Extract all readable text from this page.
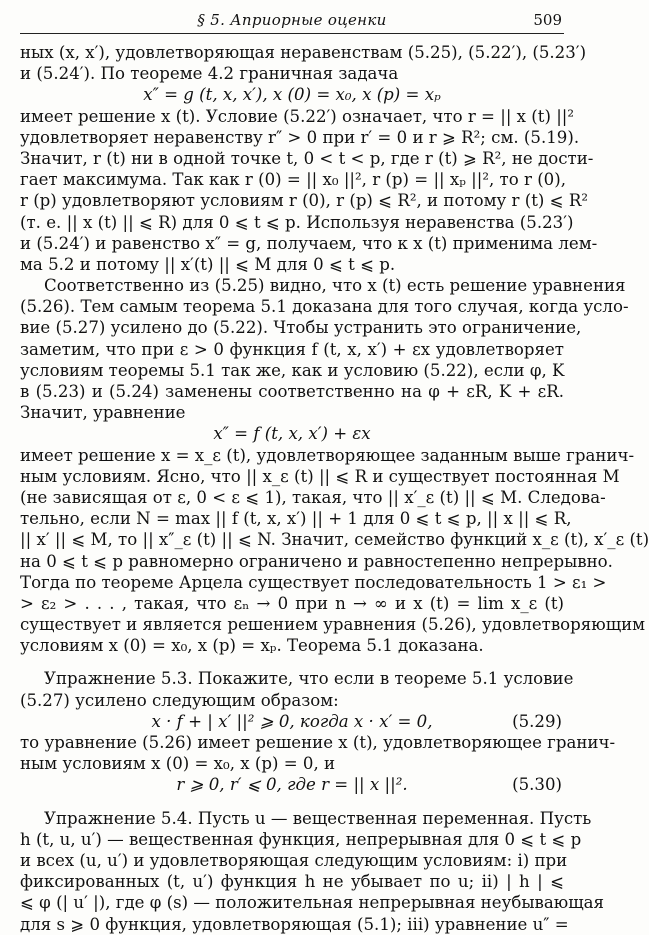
§ 5. Априорные оценки	509

ных (x, x′), удовлетворяющая неравенствам (5.25), (5.22′), (5.23′)

и (5.24′). По теореме 4.2 граничная задача

x″ = g (t, x, x′), x (0) = x₀, x (p) = xₚ

имеет решение x (t). Условие (5.22′) означает, что r = || x (t) ||²

удовлетворяет неравенству r″ > 0 при r′ = 0 и r ⩾ R²; см. (5.19).

Значит, r (t) ни в одной точке t, 0 < t < p, где r (t) ⩾ R², не дости-

гает максимума. Так как r (0) = || x₀ ||², r (p) = || xₚ ||², то r (0),

r (p) удовлетворяют условиям r (0), r (p) ⩽ R², и потому r (t) ⩽ R²

(т. е. || x (t) || ⩽ R) для 0 ⩽ t ⩽ p. Используя неравенства (5.23′)

и (5.24′) и равенство x″ = g, получаем, что к x (t) применима лем-

ма 5.2 и потому || x′(t) || ⩽ M для 0 ⩽ t ⩽ p.

Соответственно из (5.25) видно, что x (t) есть решение уравнения

(5.26). Тем самым теорема 5.1 доказана для того случая, когда усло-

вие (5.27) усилено до (5.22). Чтобы устранить это ограничение,

заметим, что при ε > 0 функция f (t, x, x′) + εx удовлетворяет

условиям теоремы 5.1 так же, как и условию (5.22), если φ, K

в (5.23) и (5.24) заменены соответственно на φ + εR, K + εR.

Значит, уравнение

x″ = f (t, x, x′) + εx

имеет решение x = x_ε (t), удовлетворяющее заданным выше гранич-

ным условиям. Ясно, что || x_ε (t) || ⩽ R и существует постоянная M

(не зависящая от ε, 0 < ε ⩽ 1), такая, что || x′_ε (t) || ⩽ M. Следова-

тельно, если N = max || f (t, x, x′) || + 1 для 0 ⩽ t ⩽ p, || x || ⩽ R,

|| x′ || ⩽ M, то || x″_ε (t) || ⩽ N. Значит, семейство функций x_ε (t), x′_ε (t)

на 0 ⩽ t ⩽ p равномерно ограничено и равностепенно непрерывно.

Тогда по теореме Арцела существует последовательность 1 > ε₁ >

> ε₂ > . . . , такая, что εₙ → 0 при n → ∞ и x (t) = lim x_ε (t)

существует и является решением уравнения (5.26), удовлетворяющим

условиям x (0) = x₀, x (p) = xₚ. Теорема 5.1 доказана.

Упражнение 5.3. Покажите, что если в теореме 5.1 условие

(5.27) усилено следующим образом:

x · f + | x′ ||² ⩾ 0, когда x · x′ = 0,	(5.29)

то уравнение (5.26) имеет решение x (t), удовлетворяющее гранич-

ным условиям x (0) = x₀, x (p) = 0, и

r ⩾ 0, r′ ⩽ 0, где r = || x ||².	(5.30)

Упражнение 5.4. Пусть u — вещественная переменная. Пусть

h (t, u, u′) — вещественная функция, непрерывная для 0 ⩽ t ⩽ p

и всех (u, u′) и удовлетворяющая следующим условиям: i) при

фиксированных (t, u′) функция h не убывает по u; ii) | h | ⩽

⩽ φ (| u′ |), где φ (s) — положительная непрерывная неубывающая

для s ⩾ 0 функция, удовлетворяющая (5.1); iii) уравнение u″ =
